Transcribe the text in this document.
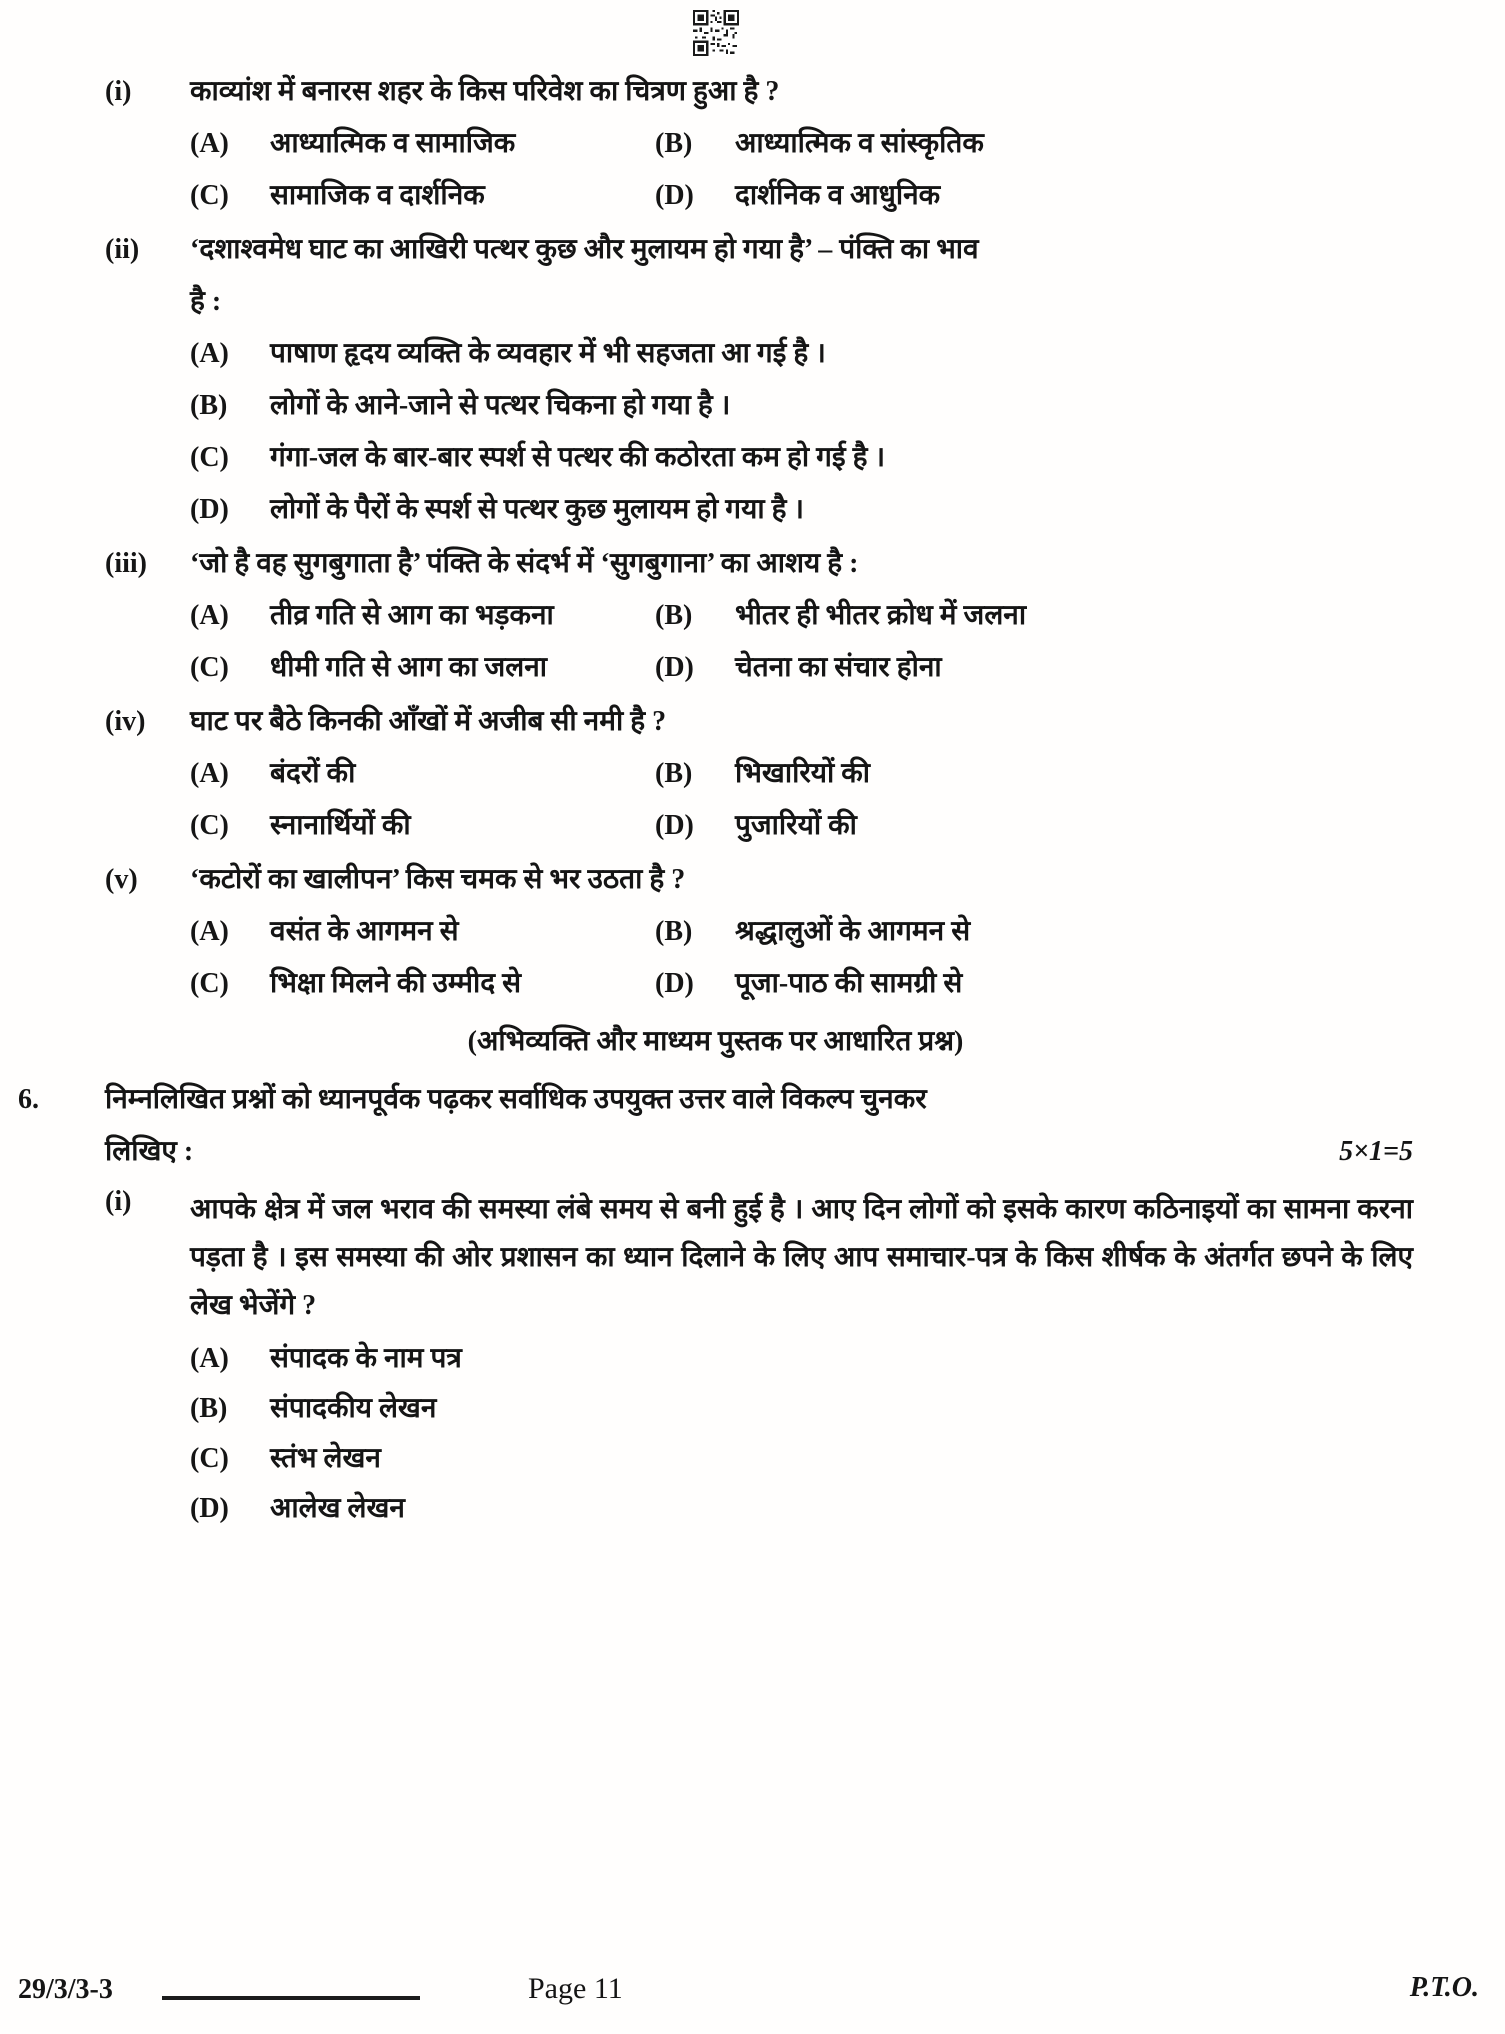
(i)	काव्यांश में बनारस शहर के किस परिवेश का चित्रण हुआ है ?
(A)	आध्यात्मिक व सामाजिक	(B)	आध्यात्मिक व सांस्कृतिक
(C)	सामाजिक व दार्शनिक	(D)	दार्शनिक व आधुनिक
(ii)	‘दशाश्वमेध घाट का आखिरी पत्थर कुछ और मुलायम हो गया है’ – पंक्ति का भाव
है :
(A)	पाषाण हृदय व्यक्ति के व्यवहार में भी सहजता आ गई है ।
(B)	लोगों के आने-जाने से पत्थर चिकना हो गया है ।
(C)	गंगा-जल के बार-बार स्पर्श से पत्थर की कठोरता कम हो गई है ।
(D)	लोगों के पैरों के स्पर्श से पत्थर कुछ मुलायम हो गया है ।
(iii)	‘जो है वह सुगबुगाता है’ पंक्ति के संदर्भ में ‘सुगबुगाना’ का आशय है :
(A)	तीव्र गति से आग का भड़कना	(B)	भीतर ही भीतर क्रोध में जलना
(C)	धीमी गति से आग का जलना	(D)	चेतना का संचार होना
(iv)	घाट पर बैठे किनकी आँखों में अजीब सी नमी है ?
(A)	बंदरों की	(B)	भिखारियों की
(C)	स्नानार्थियों की	(D)	पुजारियों की
(v)	‘कटोरों का खालीपन’ किस चमक से भर उठता है ?
(A)	वसंत के आगमन से	(B)	श्रद्धालुओं के आगमन से
(C)	भिक्षा मिलने की उम्मीद से	(D)	पूजा-पाठ की सामग्री से
(अभिव्यक्ति और माध्यम पुस्तक पर आधारित प्रश्न)
6.	निम्नलिखित प्रश्नों को ध्यानपूर्वक पढ़कर सर्वाधिक उपयुक्त उत्तर वाले विकल्प चुनकर
लिखिए :	5×1=5
(i)	आपके क्षेत्र में जल भराव की समस्या लंबे समय से बनी हुई है । आए दिन लोगों को इसके कारण कठिनाइयों का सामना करना पड़ता है । इस समस्या की ओर प्रशासन का ध्यान दिलाने के लिए आप समाचार-पत्र के किस शीर्षक के अंतर्गत छपने के लिए लेख भेजेंगे ?
(A)	संपादक के नाम पत्र
(B)	संपादकीय लेखन
(C)	स्तंभ लेखन
(D)	आलेख लेखन
29/3/3-3	Page 11	P.T.O.
